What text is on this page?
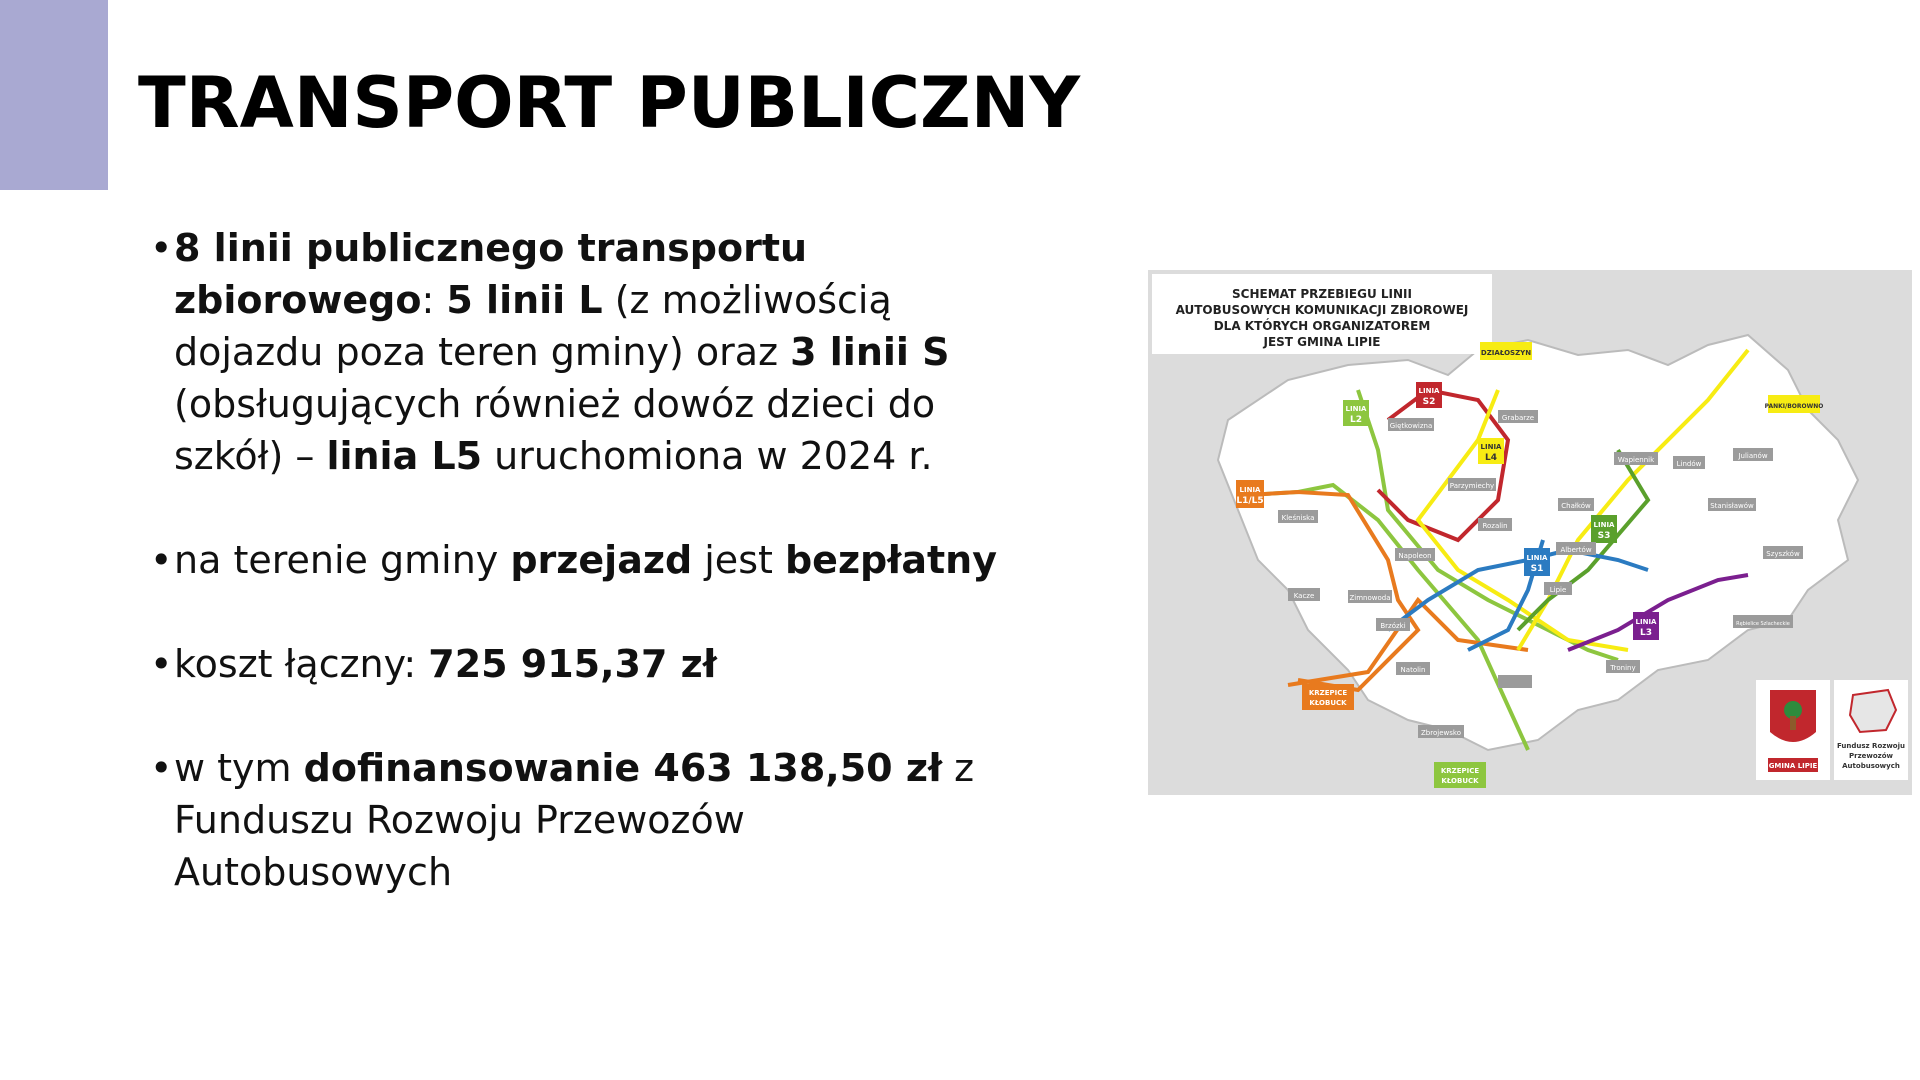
TRANSPORT PUBLICZNY

• 8 linii publicznego transportu zbiorowego: 5 linii L (z możliwością dojazdu poza teren gminy) oraz 3 linii S (obsługujących również dowóz dzieci do szkół) – linia L5 uruchomiona w 2024 r.

• na terenie gminy przejazd jest bezpłatny

• koszt łączny: 725 915,37 zł

• w tym dofinansowanie 463 138,50 zł z Funduszu Rozwoju Przewozów Autobusowych

SCHEMAT PRZEBIEGU LINII
AUTOBUSOWYCH KOMUNIKACJI ZBIOROWEJ
DLA KTÓRYCH ORGANIZATOREM
JEST GMINA LIPIE
LINIA
L1/L5
LINIA
L2
LINIA
S2
LINIA
L4
LINIA
S3
LINIA
S1
LINIA
L3
DZIAŁOSZYN
PANKI/BOROWNO
KRZEPICE
KŁOBUCK
KRZEPICE
KŁOBUCK
Giętkowizna
Grabarze
Parzymiechy
Kleśniska
Rozalin
Napoleon
Zimnowoda
Kacze
Brzózki
Natolin
Zbrojewsko
Chałków
Albertów
Lipie
Wapiennik	Lindów
Julianów
Stanisławów
Szyszków
Rębielice Szlacheckie
Troniny
GMINA LIPIE
Fundusz Rozwoju
Przewozów
Autobusowych
